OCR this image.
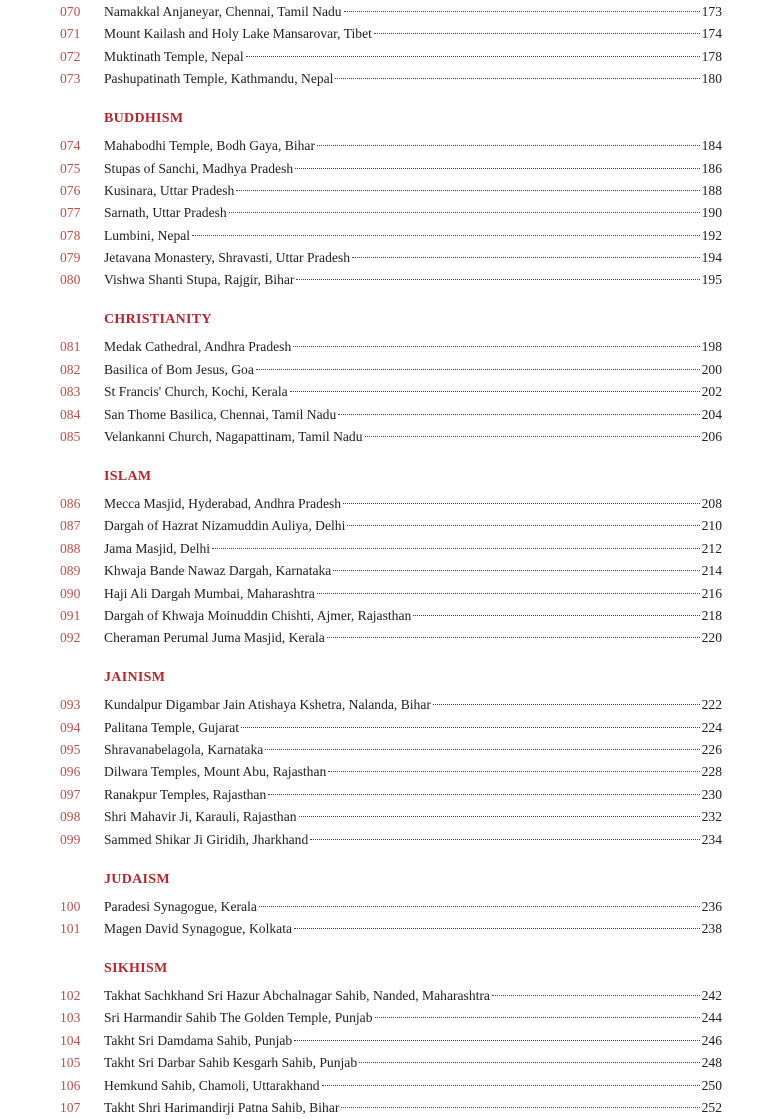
070 Namakkal Anjaneyar, Chennai, Tamil Nadu	173
071 Mount Kailash and Holy Lake Mansarovar, Tibet	174
072 Muktinath Temple, Nepal	178
073 Pashupatinath Temple, Kathmandu, Nepal	180
BUDDHISM
074 Mahabodhi Temple, Bodh Gaya, Bihar	184
075 Stupas of Sanchi, Madhya Pradesh	186
076 Kusinara, Uttar Pradesh	188
077 Sarnath, Uttar Pradesh	190
078 Lumbini, Nepal	192
079 Jetavana Monastery, Shravasti, Uttar Pradesh	194
080 Vishwa Shanti Stupa, Rajgir, Bihar	195
CHRISTIANITY
081 Medak Cathedral, Andhra Pradesh	198
082 Basilica of Bom Jesus, Goa	200
083 St Francis' Church, Kochi, Kerala	202
084 San Thome Basilica, Chennai, Tamil Nadu	204
085 Velankanni Church, Nagapattinam, Tamil Nadu	206
ISLAM
086 Mecca Masjid, Hyderabad, Andhra Pradesh	208
087 Dargah of Hazrat Nizamuddin Auliya, Delhi	210
088 Jama Masjid, Delhi	212
089 Khwaja Bande Nawaz Dargah, Karnataka	214
090 Haji Ali Dargah Mumbai, Maharashtra	216
091 Dargah of Khwaja Moinuddin Chishti, Ajmer, Rajasthan	218
092 Cheraman Perumal Juma Masjid, Kerala	220
JAINISM
093 Kundalpur Digambar Jain Atishaya Kshetra, Nalanda, Bihar	222
094 Palitana Temple, Gujarat	224
095 Shravanabelagola, Karnataka	226
096 Dilwara Temples, Mount Abu, Rajasthan	228
097 Ranakpur Temples, Rajasthan	230
098 Shri Mahavir Ji, Karauli, Rajasthan	232
099 Sammed Shikar Ji Giridih, Jharkhand	234
JUDAISM
100 Paradesi Synagogue, Kerala	236
101 Magen David Synagogue, Kolkata	238
SIKHISM
102 Takhat Sachkhand Sri Hazur Abchalnagar Sahib, Nanded, Maharashtra	242
103 Sri Harmandir Sahib The Golden Temple, Punjab	244
104 Takht Sri Damdama Sahib, Punjab	246
105 Takht Sri Darbar Sahib Kesgarh Sahib, Punjab	248
106 Hemkund Sahib, Chamoli, Uttarakhand	250
107 Takht Shri Harimandirji Patna Sahib, Bihar	252
